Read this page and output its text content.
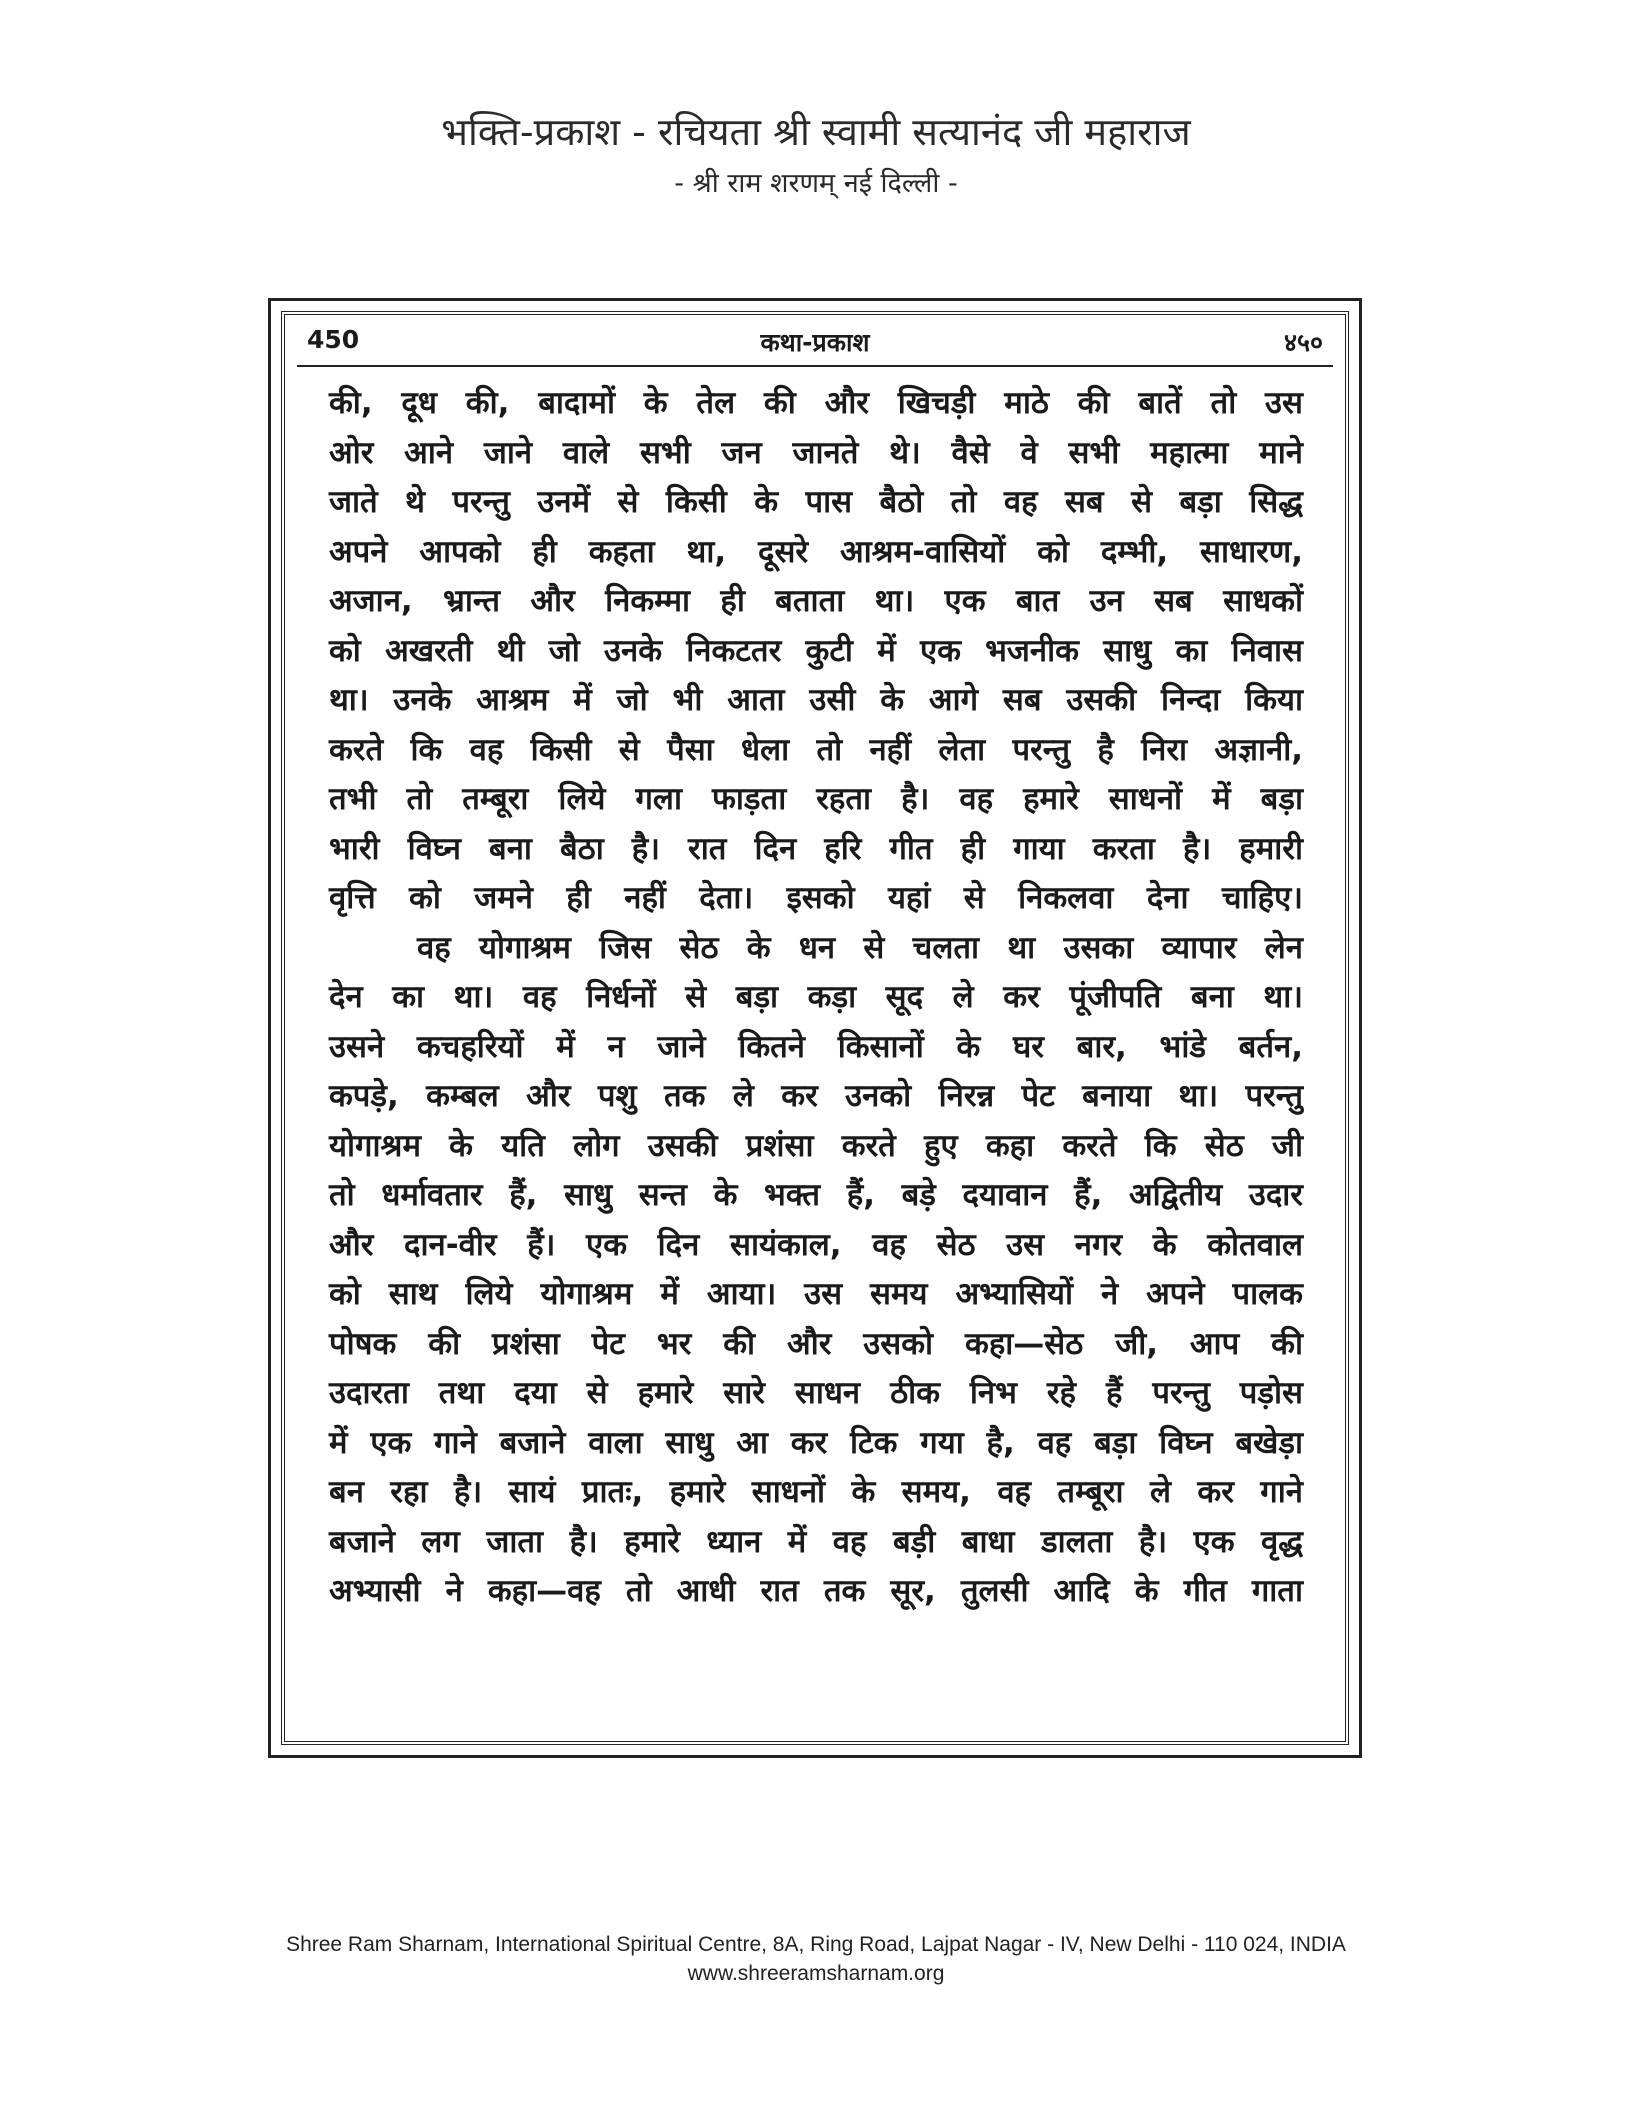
भक्ति-प्रकाश - रचियता श्री स्वामी सत्यानंद जी महाराज
- श्री राम शरणम् नई दिल्ली -
450	कथा-प्रकाश	४५०
की, दूध की, बादामों के तेल की और खिचड़ी माठे की बातें तो उस
ओर आने जाने वाले सभी जन जानते थे। वैसे वे सभी महात्मा माने
जाते थे परन्तु उनमें से किसी के पास बैठो तो वह सब से बड़ा सिद्ध
अपने आपको ही कहता था, दूसरे आश्रम-वासियों को दम्भी, साधारण,
अजान, भ्रान्त और निकम्मा ही बताता था। एक बात उन सब साधकों
को अखरती थी जो उनके निकटतर कुटी में एक भजनीक साधु का निवास
था। उनके आश्रम में जो भी आता उसी के आगे सब उसकी निन्दा किया
करते कि वह किसी से पैसा धेला तो नहीं लेता परन्तु है निरा अज्ञानी,
तभी तो तम्बूरा लिये गला फाड़ता रहता है। वह हमारे साधनों में बड़ा
भारी विघ्न बना बैठा है। रात दिन हरि गीत ही गाया करता है। हमारी
वृत्ति को जमने ही नहीं देता। इसको यहां से निकलवा देना चाहिए।
वह योगाश्रम जिस सेठ के धन से चलता था उसका व्यापार लेन
देन का था। वह निर्धनों से बड़ा कड़ा सूद ले कर पूंजीपति बना था।
उसने कचहरियों में न जाने कितने किसानों के घर बार, भांडे बर्तन,
कपड़े, कम्बल और पशु तक ले कर उनको निरन्न पेट बनाया था। परन्तु
योगाश्रम के यति लोग उसकी प्रशंसा करते हुए कहा करते कि सेठ जी
तो धर्मावतार हैं, साधु सन्त के भक्त हैं, बड़े दयावान हैं, अद्वितीय उदार
और दान-वीर हैं। एक दिन सायंकाल, वह सेठ उस नगर के कोतवाल
को साथ लिये योगाश्रम में आया। उस समय अभ्यासियों ने अपने पालक
पोषक की प्रशंसा पेट भर की और उसको कहा—सेठ जी, आप की
उदारता तथा दया से हमारे सारे साधन ठीक निभ रहे हैं परन्तु पड़ोस
में एक गाने बजाने वाला साधु आ कर टिक गया है, वह बड़ा विघ्न बखेड़ा
बन रहा है। सायं प्रातः, हमारे साधनों के समय, वह तम्बूरा ले कर गाने
बजाने लग जाता है। हमारे ध्यान में वह बड़ी बाधा डालता है। एक वृद्ध
अभ्यासी ने कहा—वह तो आधी रात तक सूर, तुलसी आदि के गीत गाता
Shree Ram Sharnam, International Spiritual Centre, 8A, Ring Road, Lajpat Nagar - IV, New Delhi - 110 024, INDIA
www.shreeramsharnam.org
